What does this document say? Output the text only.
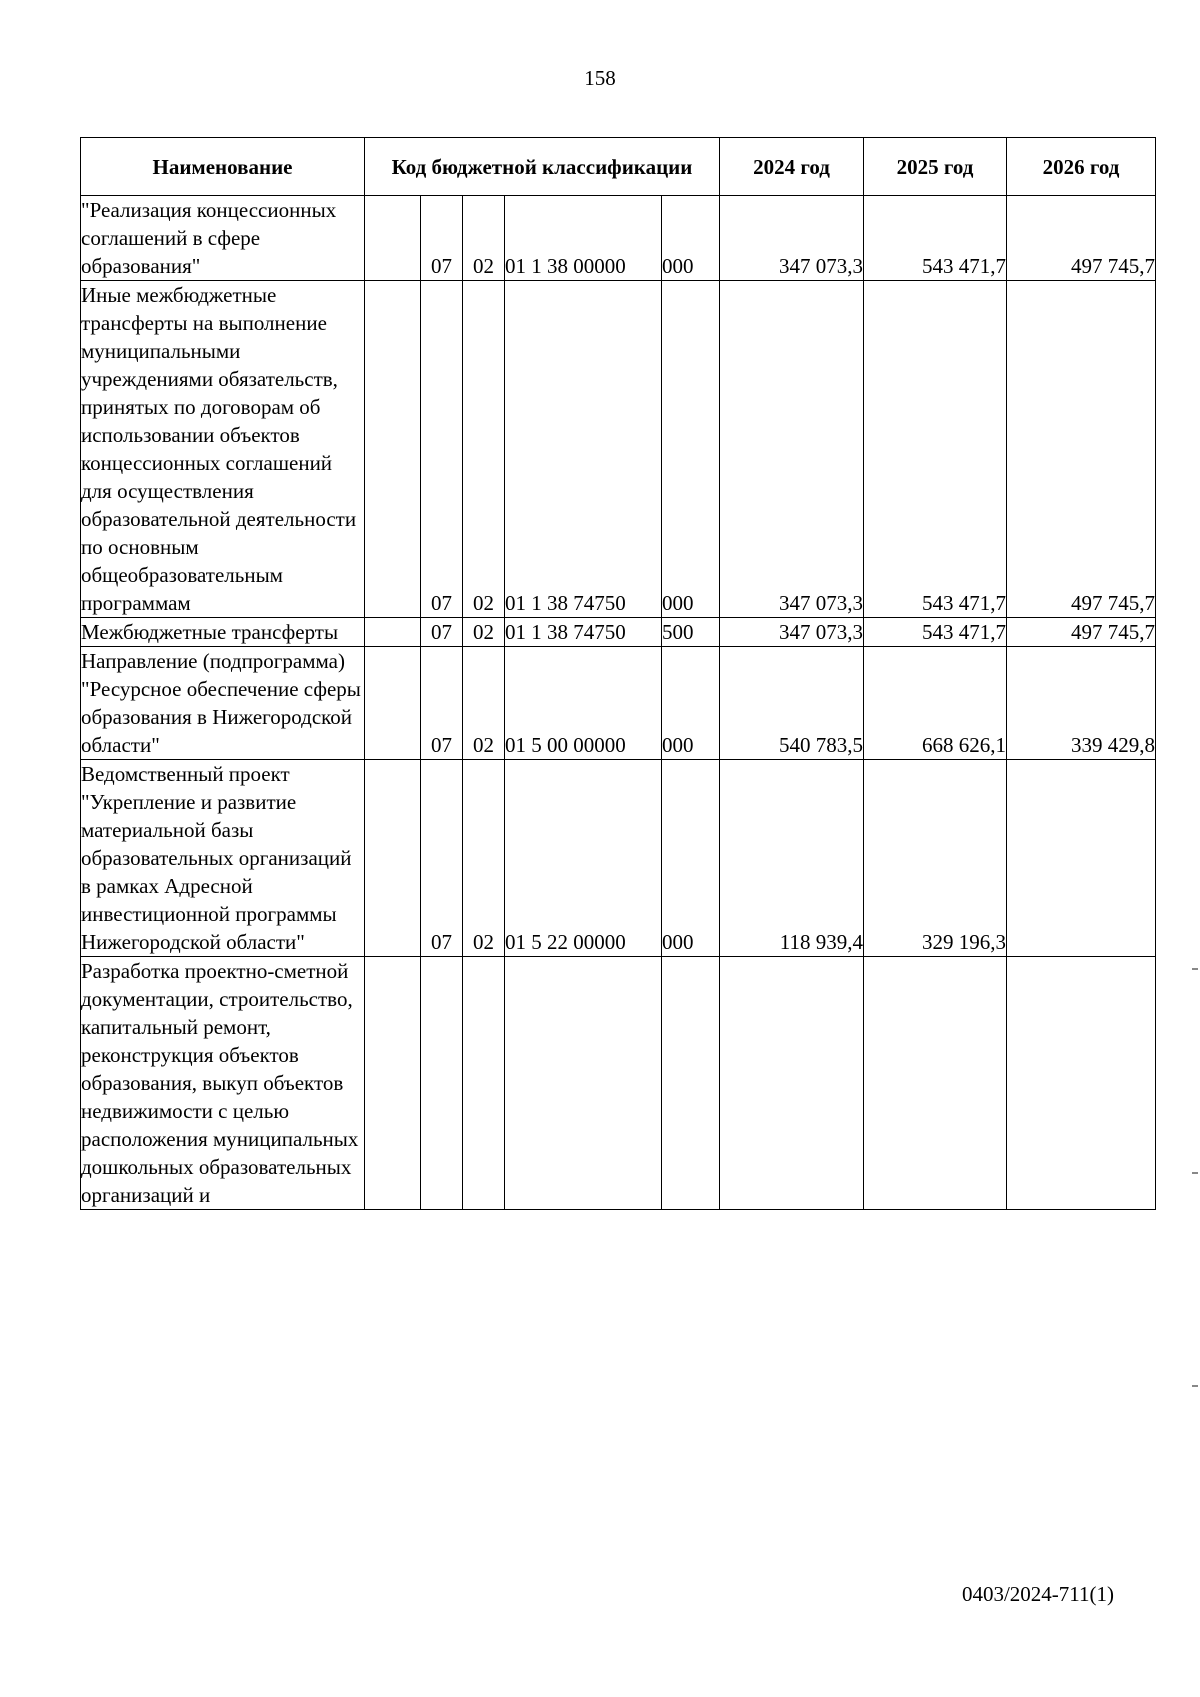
158
Наименование	Код бюджетной классификации					2024 год	2025 год	2026 год
"Реализация концессионных соглашений в сфере образования"		07	02	01 1 38 00000	000	347 073,3	543 471,7	497 745,7
Иные межбюджетные трансферты на выполнение муниципальными учреждениями обязательств, принятых по договорам об использовании объектов концессионных соглашений для осуществления образовательной деятельности по основным общеобразовательным программам		07	02	01 1 38 74750	000	347 073,3	543 471,7	497 745,7
Межбюджетные трансферты		07	02	01 1 38 74750	500	347 073,3	543 471,7	497 745,7
Направление (подпрограмма) "Ресурсное обеспечение сферы образования в Нижегородской области"		07	02	01 5 00 00000	000	540 783,5	668 626,1	339 429,8
Ведомственный проект "Укрепление и развитие материальной базы образовательных организаций в рамках Адресной инвестиционной программы Нижегородской области"		07	02	01 5 22 00000	000	118 939,4	329 196,3	
Разработка проектно-сметной документации, строительство, капитальный ремонт, реконструкция объектов образования, выкуп объектов недвижимости с целью расположения муниципальных дошкольных образовательных организаций и								
0403/2024-711(1)
